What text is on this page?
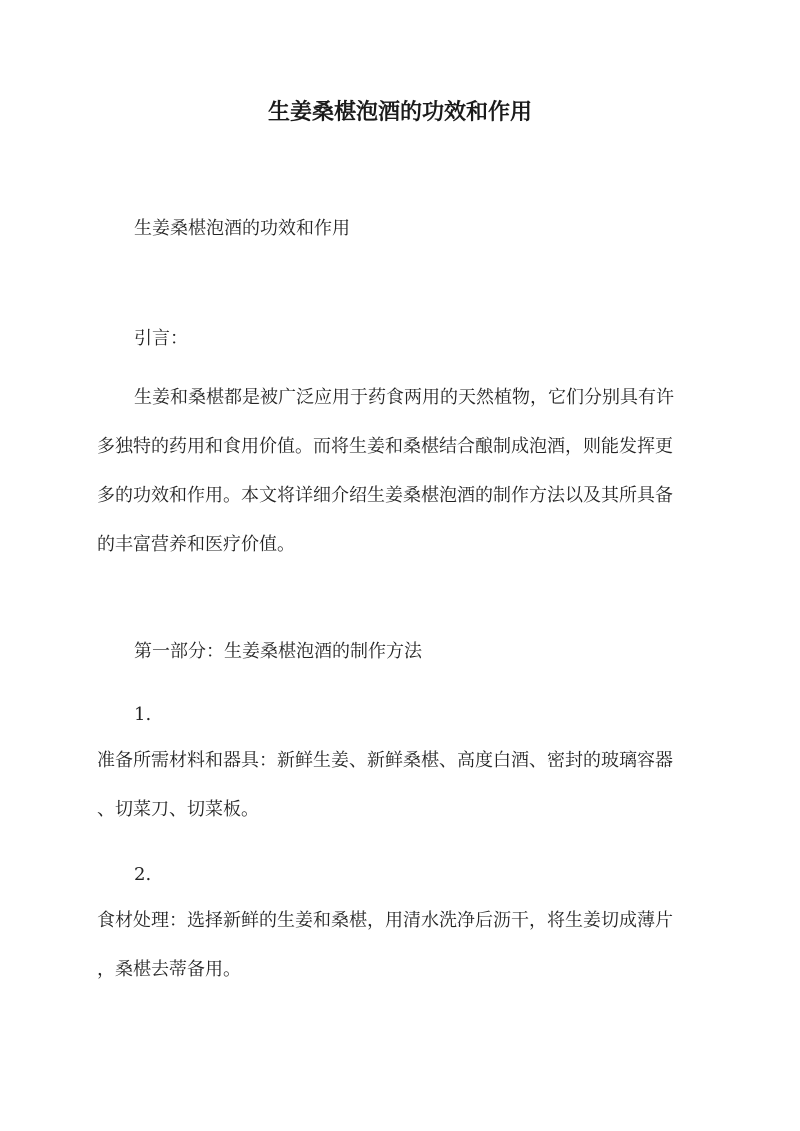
生姜桑椹泡酒的功效和作用
生姜桑椹泡酒的功效和作用
引言：
生姜和桑椹都是被广泛应用于药食两用的天然植物，它们分别具有许
多独特的药用和食用价值。而将生姜和桑椹结合酿制成泡酒，则能发挥更
多的功效和作用。本文将详细介绍生姜桑椹泡酒的制作方法以及其所具备
的丰富营养和医疗价值。
第一部分：生姜桑椹泡酒的制作方法
1.
准备所需材料和器具：新鲜生姜、新鲜桑椹、高度白酒、密封的玻璃容器
、切菜刀、切菜板。
2.
食材处理：选择新鲜的生姜和桑椹，用清水洗净后沥干，将生姜切成薄片
，桑椹去蒂备用。
